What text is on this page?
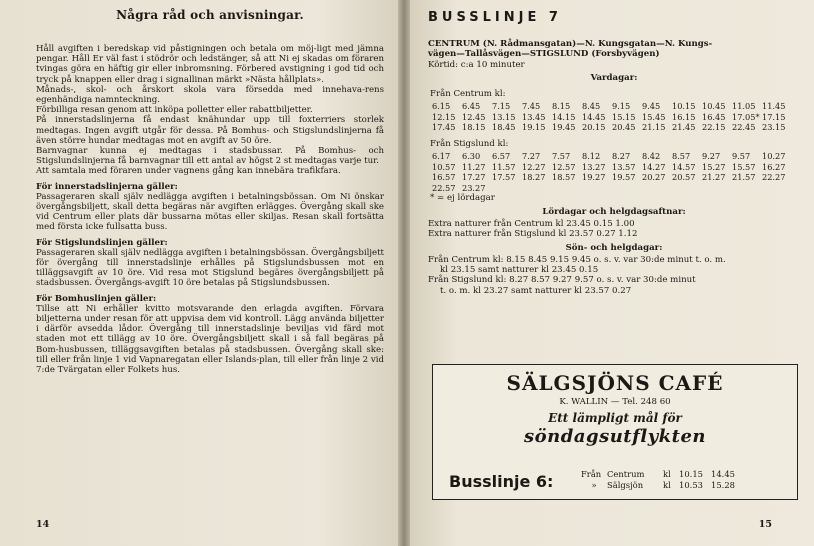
Några råd och anvisningar.

Håll avgiften i beredskap vid påstigningen och betala om möj-ligt med jämna pengar. Håll Er väl fast i stödrör och ledstänger, så att Ni ej skadas om föraren tvingas göra en häftig gir eller inbromsning. Förbered avstigning i god tid och tryck på knappen eller drag i signallinan märkt »Nästa hållplats».

Månads-, skol- och årskort skola vara försedda med innehava-rens egenhändiga namnteckning.

Förbilliga resan genom att inköpa polletter eller rabattbiljetter.

På innerstadslinjerna få endast knähundar upp till foxterriers storlek medtagas. Ingen avgift utgår för dessa. På Bomhus- och Stigslundslinjerna få även större hundar medtagas mot en avgift av 50 öre.

Barnvagnar kunna ej medtagas i stadsbussar. På Bomhus- och Stigslundslinjerna få barnvagnar till ett antal av högst 2 st medtagas varje tur.

Att samtala med föraren under vagnens gång kan innebära trafikfara.

För innerstadslinjerna gäller:

Passageraren skall själv nedlägga avgiften i betalningsbössan. Om Ni önskar övergångsbiljett, skall detta begäras när avgiften erlägges. Övergång skall ske vid Centrum eller plats där bussarna mötas eller skiljas. Resan skall fortsätta med första icke fullsatta buss.

För Stigslundslinjen gäller:

Passageraren skall själv nedlägga avgiften i betalningsbössan. Övergångsbiljett för övergång till innerstadslinje erhålles på Stigslundsbussen mot en tilläggsavgift av 10 öre. Vid resa mot Stigslund begäres övergångsbiljett på stadsbussen. Övergångs-avgift 10 öre betalas på Stigslundsbussen.

För Bomhuslinjen gäller:

Tillse att Ni erhåller kvitto motsvarande den erlagda avgiften. Förvara biljetterna under resan för att uppvisa dem vid kontroll. Lägg använda biljetter i därför avsedda lådor. Övergång till innerstadslinje beviljas vid färd mot staden mot ett tillägg av 10 öre. Övergångsbiljett skall i så fall begäras på Bom-husbussen, tilläggsavgiften betalas på stadsbussen. Övergång skall ske: till eller från linje 1 vid Vapnaregatan eller Islands-plan, till eller från linje 2 vid 7:de Tvärgatan eller Folkets hus.

14
BUSSLINJE 7

CENTRUM (N. Rådmansgatan)—N. Kungsgatan—N. Kungs-

vägen—Tallåsvägen—STIGSLUND (Forsbyvägen)

Körtid: c:a 10 minuter

Vardagar:
Från Centrum kl:
6.15 6.45 7.15 7.45 8.15 8.45 9.15 9.45 10.15 10.45 11.05 11.45
12.15 12.45 13.15 13.45 14.15 14.45 15.15 15.45 16.15 16.45 17.05* 17.15
17.45 18.15 18.45 19.15 19.45 20.15 20.45 21.15 21.45 22.15 22.45 23.15
Från Stigslund kl:
6.17 6.30 6.57 7.27 7.57 8.12 8.27 8.42 8.57 9.27 9.57 10.27
10.57 11.27 11.57 12.27 12.57 13.27 13.57 14.27 14.57 15.27 15.57 16.27
16.57 17.27 17.57 18.27 18.57 19.27 19.57 20.27 20.57 21.27 21.57 22.27
22.57 23.27

* = ej lördagar

Lördagar och helgdagsaftnar:

Extra natturer från Centrum kl 23.45 0.15 1.00

Extra natturer från Stigslund kl 23.57 0.27 1.12

Sön- och helgdagar:

Från Centrum kl: 8.15 8.45 9.15 9.45 o. s. v. var 30:de minut t. o. m.

kl 23.15 samt natturer kl 23.45 0.15

Från Stigslund kl: 8.27 8.57 9.27 9.57 o. s. v. var 30:de minut

t. o. m. kl 23.27 samt natturer kl 23.57 0.27

SÄLGSJÖNS CAFÉ
K. WALLIN — Tel. 248 60
Ett lämpligt mål för
söndagsutflykten
Busslinje 6:	Från Centrum kl 10.15 14.45
» Sälgsjön kl 10.53 15.28
15
